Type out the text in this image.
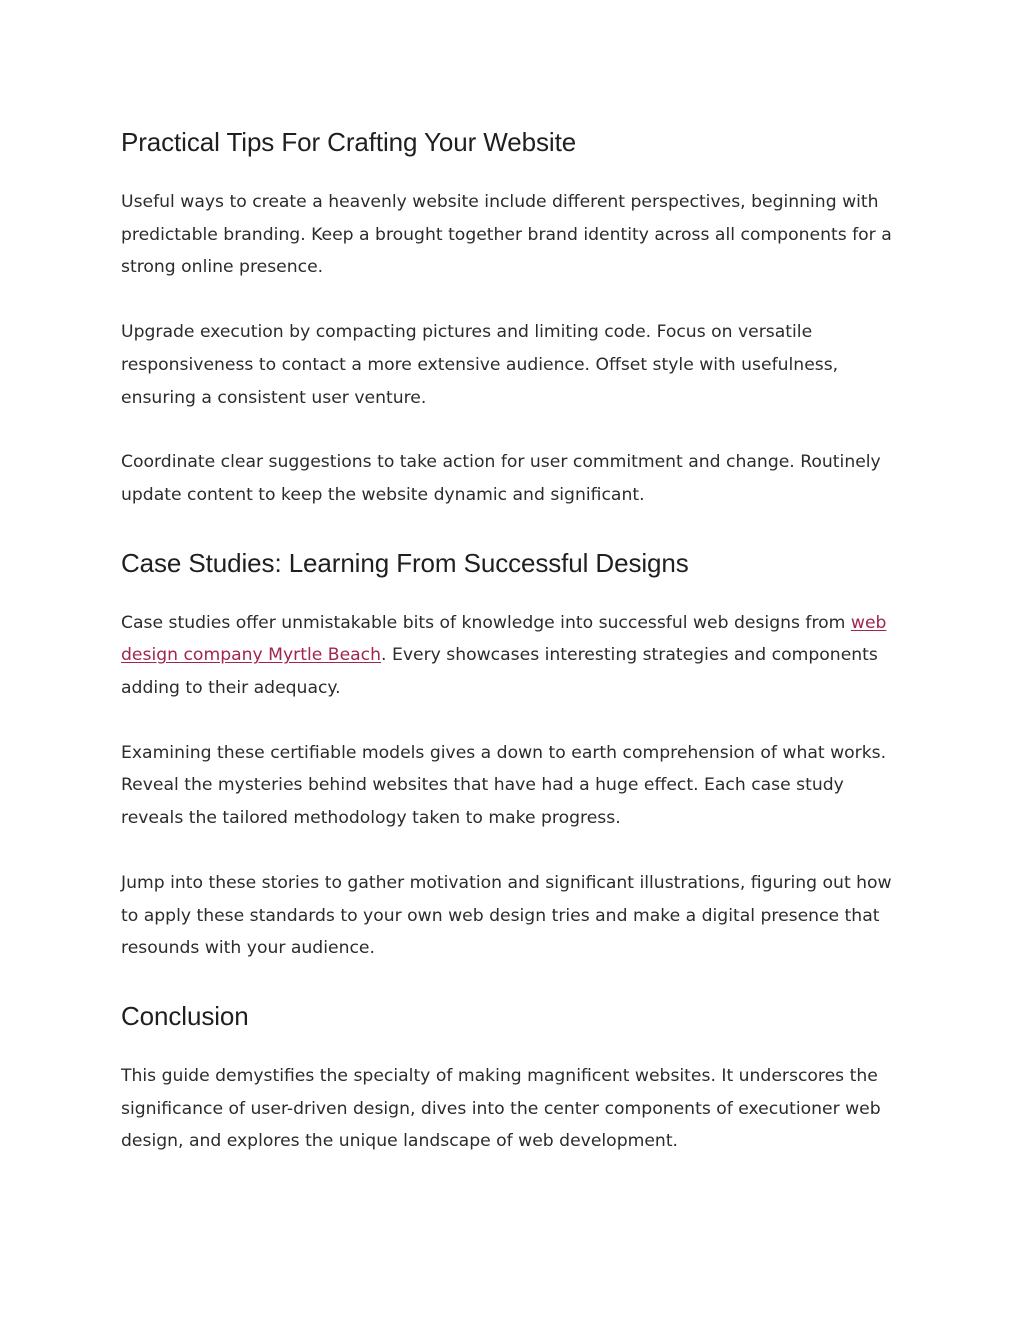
Practical Tips For Crafting Your Website

Useful ways to create a heavenly website include different perspectives, beginning with predictable branding. Keep a brought together brand identity across all components for a strong online presence.

Upgrade execution by compacting pictures and limiting code. Focus on versatile responsiveness to contact a more extensive audience. Offset style with usefulness, ensuring a consistent user venture.

Coordinate clear suggestions to take action for user commitment and change. Routinely update content to keep the website dynamic and significant.

Case Studies: Learning From Successful Designs

Case studies offer unmistakable bits of knowledge into successful web designs from web design company Myrtle Beach. Every showcases interesting strategies and components adding to their adequacy.

Examining these certifiable models gives a down to earth comprehension of what works. Reveal the mysteries behind websites that have had a huge effect. Each case study reveals the tailored methodology taken to make progress.

Jump into these stories to gather motivation and significant illustrations, figuring out how to apply these standards to your own web design tries and make a digital presence that resounds with your audience.

Conclusion

This guide demystifies the specialty of making magnificent websites. It underscores the significance of user-driven design, dives into the center components of executioner web design, and explores the unique landscape of web development.
